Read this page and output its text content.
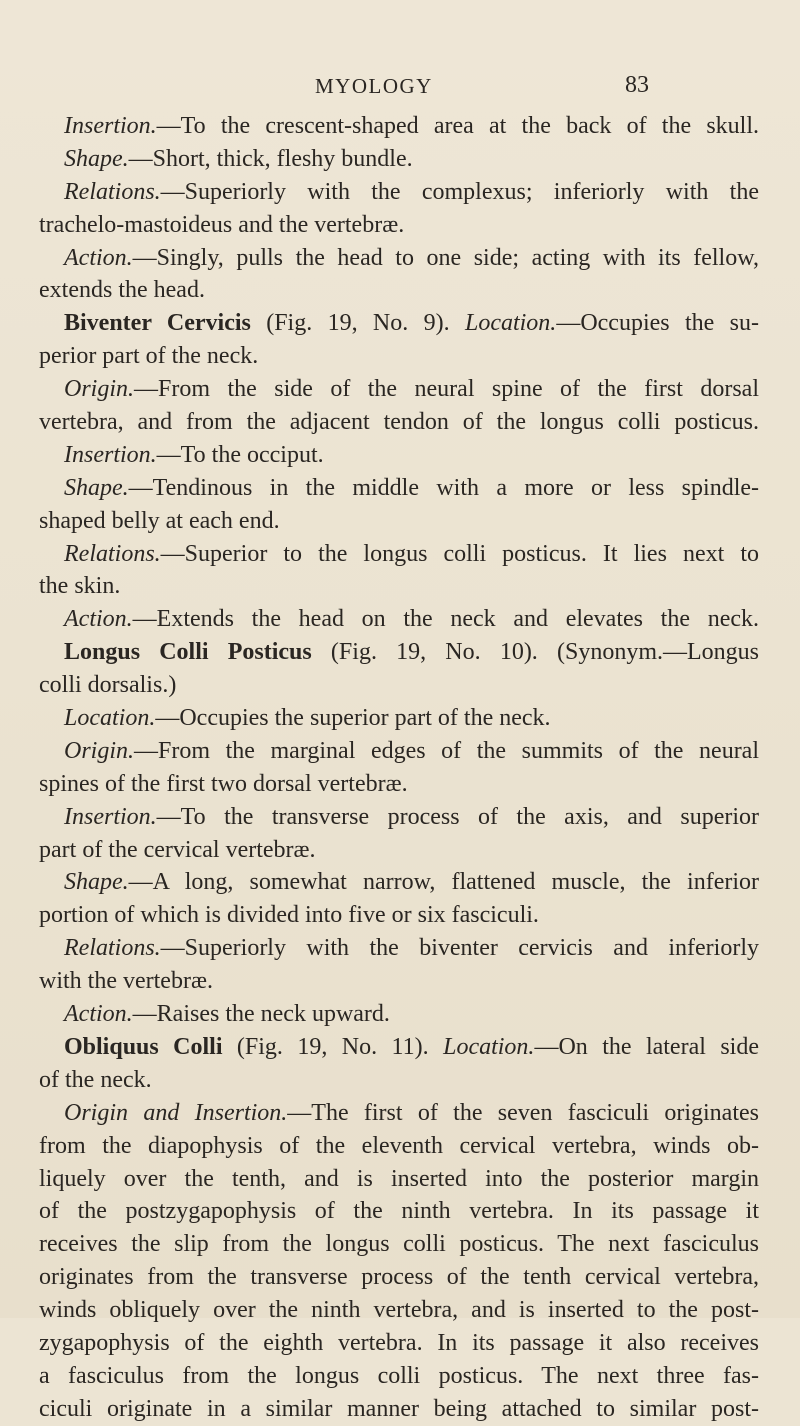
MYOLOGY	83
Insertion.—To the crescent-shaped area at the back of the skull.
Shape.—Short, thick, fleshy bundle.
Relations.—Superiorly with the complexus; inferiorly with the
trachelo-mastoideus and the vertebræ.
Action.—Singly, pulls the head to one side; acting with its fellow,
extends the head.
Biventer Cervicis (Fig. 19, No. 9). Location.—Occupies the su-
perior part of the neck.
Origin.—From the side of the neural spine of the first dorsal
vertebra, and from the adjacent tendon of the longus colli posticus.
Insertion.—To the occiput.
Shape.—Tendinous in the middle with a more or less spindle-
shaped belly at each end.
Relations.—Superior to the longus colli posticus. It lies next to
the skin.
Action.—Extends the head on the neck and elevates the neck.
Longus Colli Posticus (Fig. 19, No. 10). (Synonym.—Longus
colli dorsalis.)
Location.—Occupies the superior part of the neck.
Origin.—From the marginal edges of the summits of the neural
spines of the first two dorsal vertebræ.
Insertion.—To the transverse process of the axis, and superior
part of the cervical vertebræ.
Shape.—A long, somewhat narrow, flattened muscle, the inferior
portion of which is divided into five or six fasciculi.
Relations.—Superiorly with the biventer cervicis and inferiorly
with the vertebræ.
Action.—Raises the neck upward.
Obliquus Colli (Fig. 19, No. 11). Location.—On the lateral side
of the neck.
Origin and Insertion.—The first of the seven fasciculi originates
from the diapophysis of the eleventh cervical vertebra, winds ob-
liquely over the tenth, and is inserted into the posterior margin
of the postzygapophysis of the ninth vertebra. In its passage it
receives the slip from the longus colli posticus. The next fasciculus
originates from the transverse process of the tenth cervical vertebra,
winds obliquely over the ninth vertebra, and is inserted to the post-
zygapophysis of the eighth vertebra. In its passage it also receives
a fasciculus from the longus colli posticus. The next three fas-
ciculi originate in a similar manner being attached to similar post-
